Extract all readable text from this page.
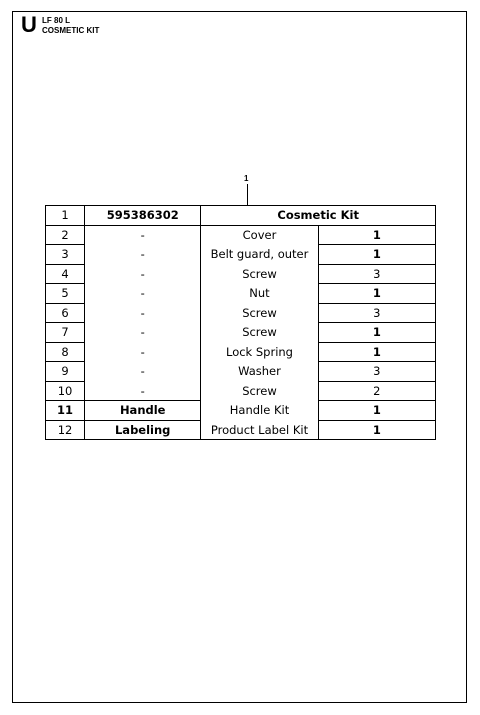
U LF 80 L
COSMETIC KIT
1
1	595386302	Cosmetic Kit	
2	-	Cover	1
3	-	Belt guard, outer	1
4	-	Screw	3
5	-	Nut	1
6	-	Screw	3
7	-	Screw	1
8	-	Lock Spring	1
9	-	Washer	3
10	-	Screw	2
11	Handle	Handle Kit	1
12	Labeling	Product Label Kit	1
